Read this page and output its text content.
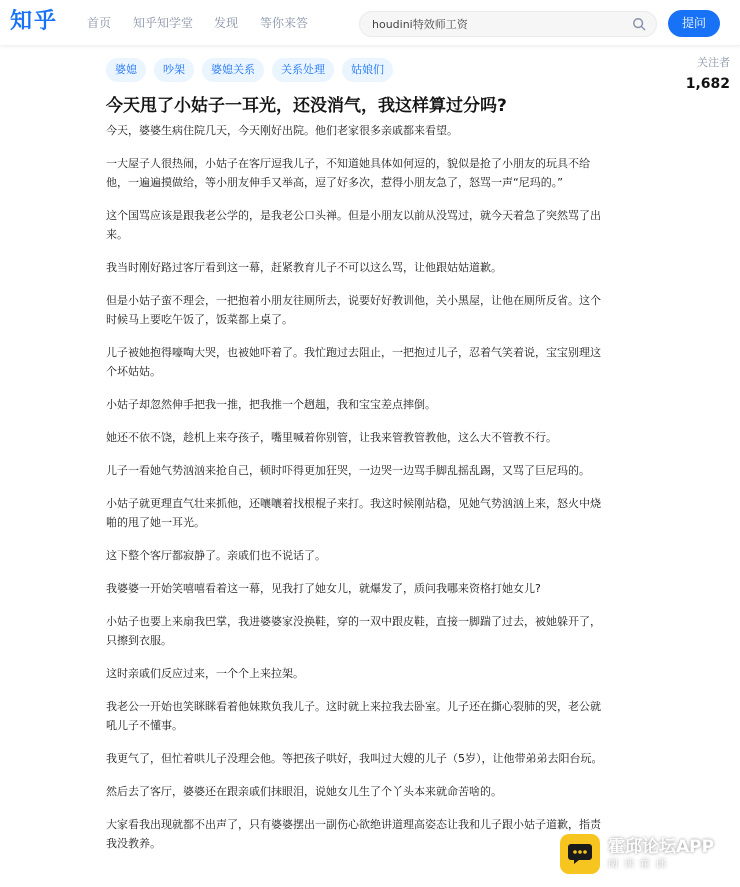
知乎 首页 知乎知学堂 发现 等你来答
houdini特效师工资	提问
婆媳	吵架	婆媳关系	关系处理	姑娘们
关注者
1,682
今天甩了小姑子一耳光，还没消气，我这样算过分吗?

今天，婆婆生病住院几天，今天刚好出院。他们老家很多亲戚都来看望。

一大屋子人很热闹，小姑子在客厅逗我儿子，不知道她具体如何逗的，貌似是抢了小朋友的玩具不给他，一遍遍摸做给，等小朋友伸手又举高，逗了好多次，惹得小朋友急了，怒骂一声“尼玛的。”

这个国骂应该是跟我老公学的，是我老公口头禅。但是小朋友以前从没骂过，就今天着急了突然骂了出来。

我当时刚好路过客厅看到这一幕，赶紧教育儿子不可以这么骂，让他跟姑姑道歉。

但是小姑子蛮不理会，一把抱着小朋友往厕所去，说要好好教训他，关小黑屋，让他在厕所反省。这个时候马上要吃午饭了，饭菜都上桌了。

儿子被她抱得嚎啕大哭，也被她吓着了。我忙跑过去阻止，一把抱过儿子，忍着气笑着说，宝宝别理这个坏姑姑。

小姑子却忽然伸手把我一推，把我推一个趔趄，我和宝宝差点摔倒。

她还不依不饶，趁机上来夺孩子，嘴里喊着你别管，让我来管教管教他，这么大不管教不行。

儿子一看她气势汹汹来抢自己，顿时吓得更加狂哭，一边哭一边骂手脚乱摇乱踢，又骂了巨尼玛的。

小姑子就更理直气壮来抓他，还嚷嚷着找根棍子来打。我这时候刚站稳，见她气势汹汹上来，怒火中烧啪的甩了她一耳光。

这下整个客厅都寂静了。亲戚们也不说话了。

我婆婆一开始笑嘻嘻看着这一幕，见我打了她女儿，就爆发了，质问我哪来资格打她女儿?

小姑子也要上来扇我巴掌，我进婆婆家没换鞋，穿的一双中跟皮鞋，直接一脚踹了过去，被她躲开了，只擦到衣服。

这时亲戚们反应过来，一个个上来拉架。

我老公一开始也笑眯眯看着他妹欺负我儿子。这时就上来拉我去卧室。儿子还在撕心裂肺的哭，老公就吼儿子不懂事。

我更气了，但忙着哄儿子没理会他。等把孩子哄好，我叫过大嫂的儿子（5岁），让他带弟弟去阳台玩。

然后去了客厅，婆婆还在跟亲戚们抹眼泪，说她女儿生了个丫头本来就命苦啥的。

大家看我出现就都不出声了，只有婆婆摆出一副伤心欲绝讲道理高姿态让我和儿子跟小姑子道歉，指责我没教养。	霍邱论坛APP
阅读霍邱
